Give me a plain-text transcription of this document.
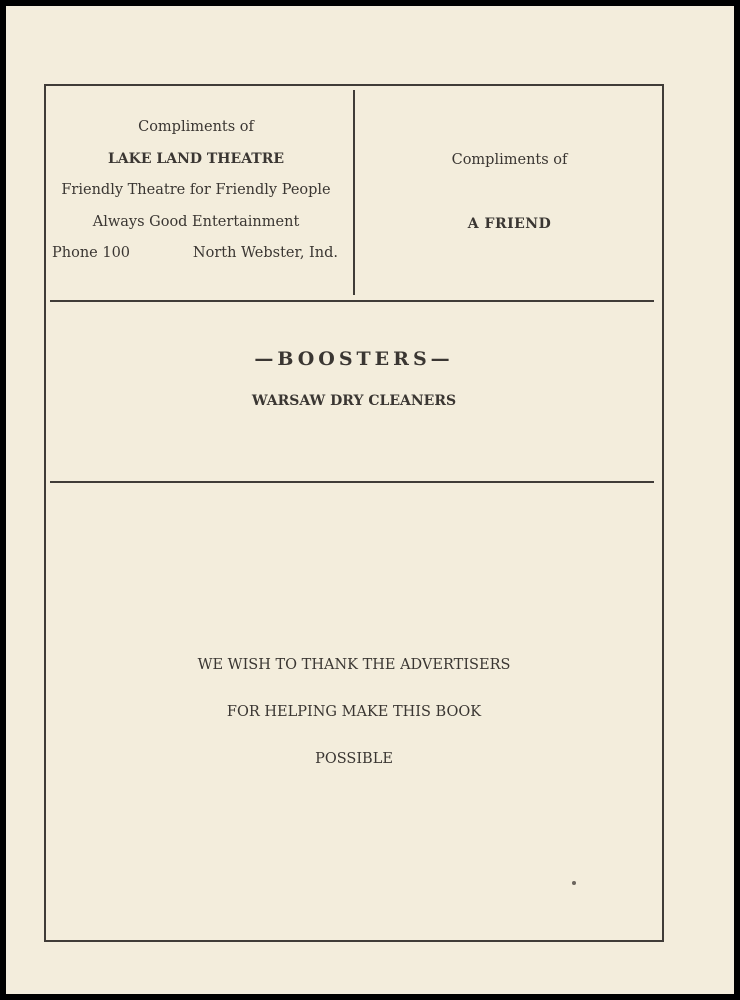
Compliments of
LAKE LAND THEATRE
Friendly Theatre for Friendly People
Always Good Entertainment
Phone 100	North Webster, Ind.
Compliments of
A FRIEND
—BOOSTERS—
WARSAW DRY CLEANERS
WE WISH TO THANK THE ADVERTISERS
FOR HELPING MAKE THIS BOOK
POSSIBLE
